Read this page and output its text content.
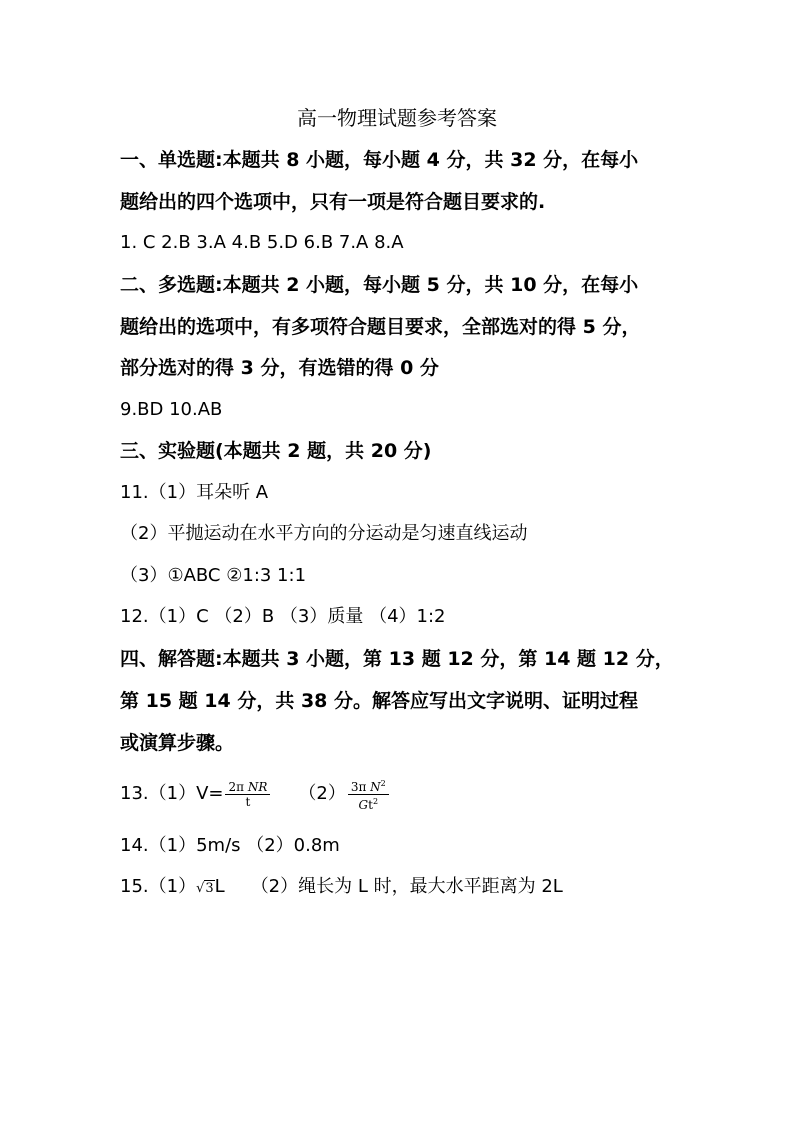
高一物理试题参考答案
一、单选题:本题共 8 小题，每小题 4 分，共 32 分，在每小
题给出的四个选项中，只有一项是符合题目要求的.
1. C 2.B 3.A 4.B 5.D 6.B 7.A 8.A
二、多选题:本题共 2 小题，每小题 5 分，共 10 分，在每小
题给出的选项中，有多项符合题目要求，全部选对的得 5 分，
部分选对的得 3 分，有选错的得 0 分
9.BD 10.AB
三、实验题(本题共 2 题，共 20 分)
11.（1）耳朵听 A
（2）平抛运动在水平方向的分运动是匀速直线运动
（3）①ABC ②1:3 1:1
12.（1）C （2）B （3）质量 （4）1:2
四、解答题:本题共 3 小题，第 13 题 12 分，第 14 题 12 分，
第 15 题 14 分，共 38 分。解答应写出文字说明、证明过程
或演算步骤。
$13.(1)V= \frac{\text{2π NR}}{t} (2) \frac{3\pi N^2}{Gt^2}$
14.（1）5m/s （2）0.8m
15.（1）√3L （2）绳长为 L 时，最大水平距离为 2L
